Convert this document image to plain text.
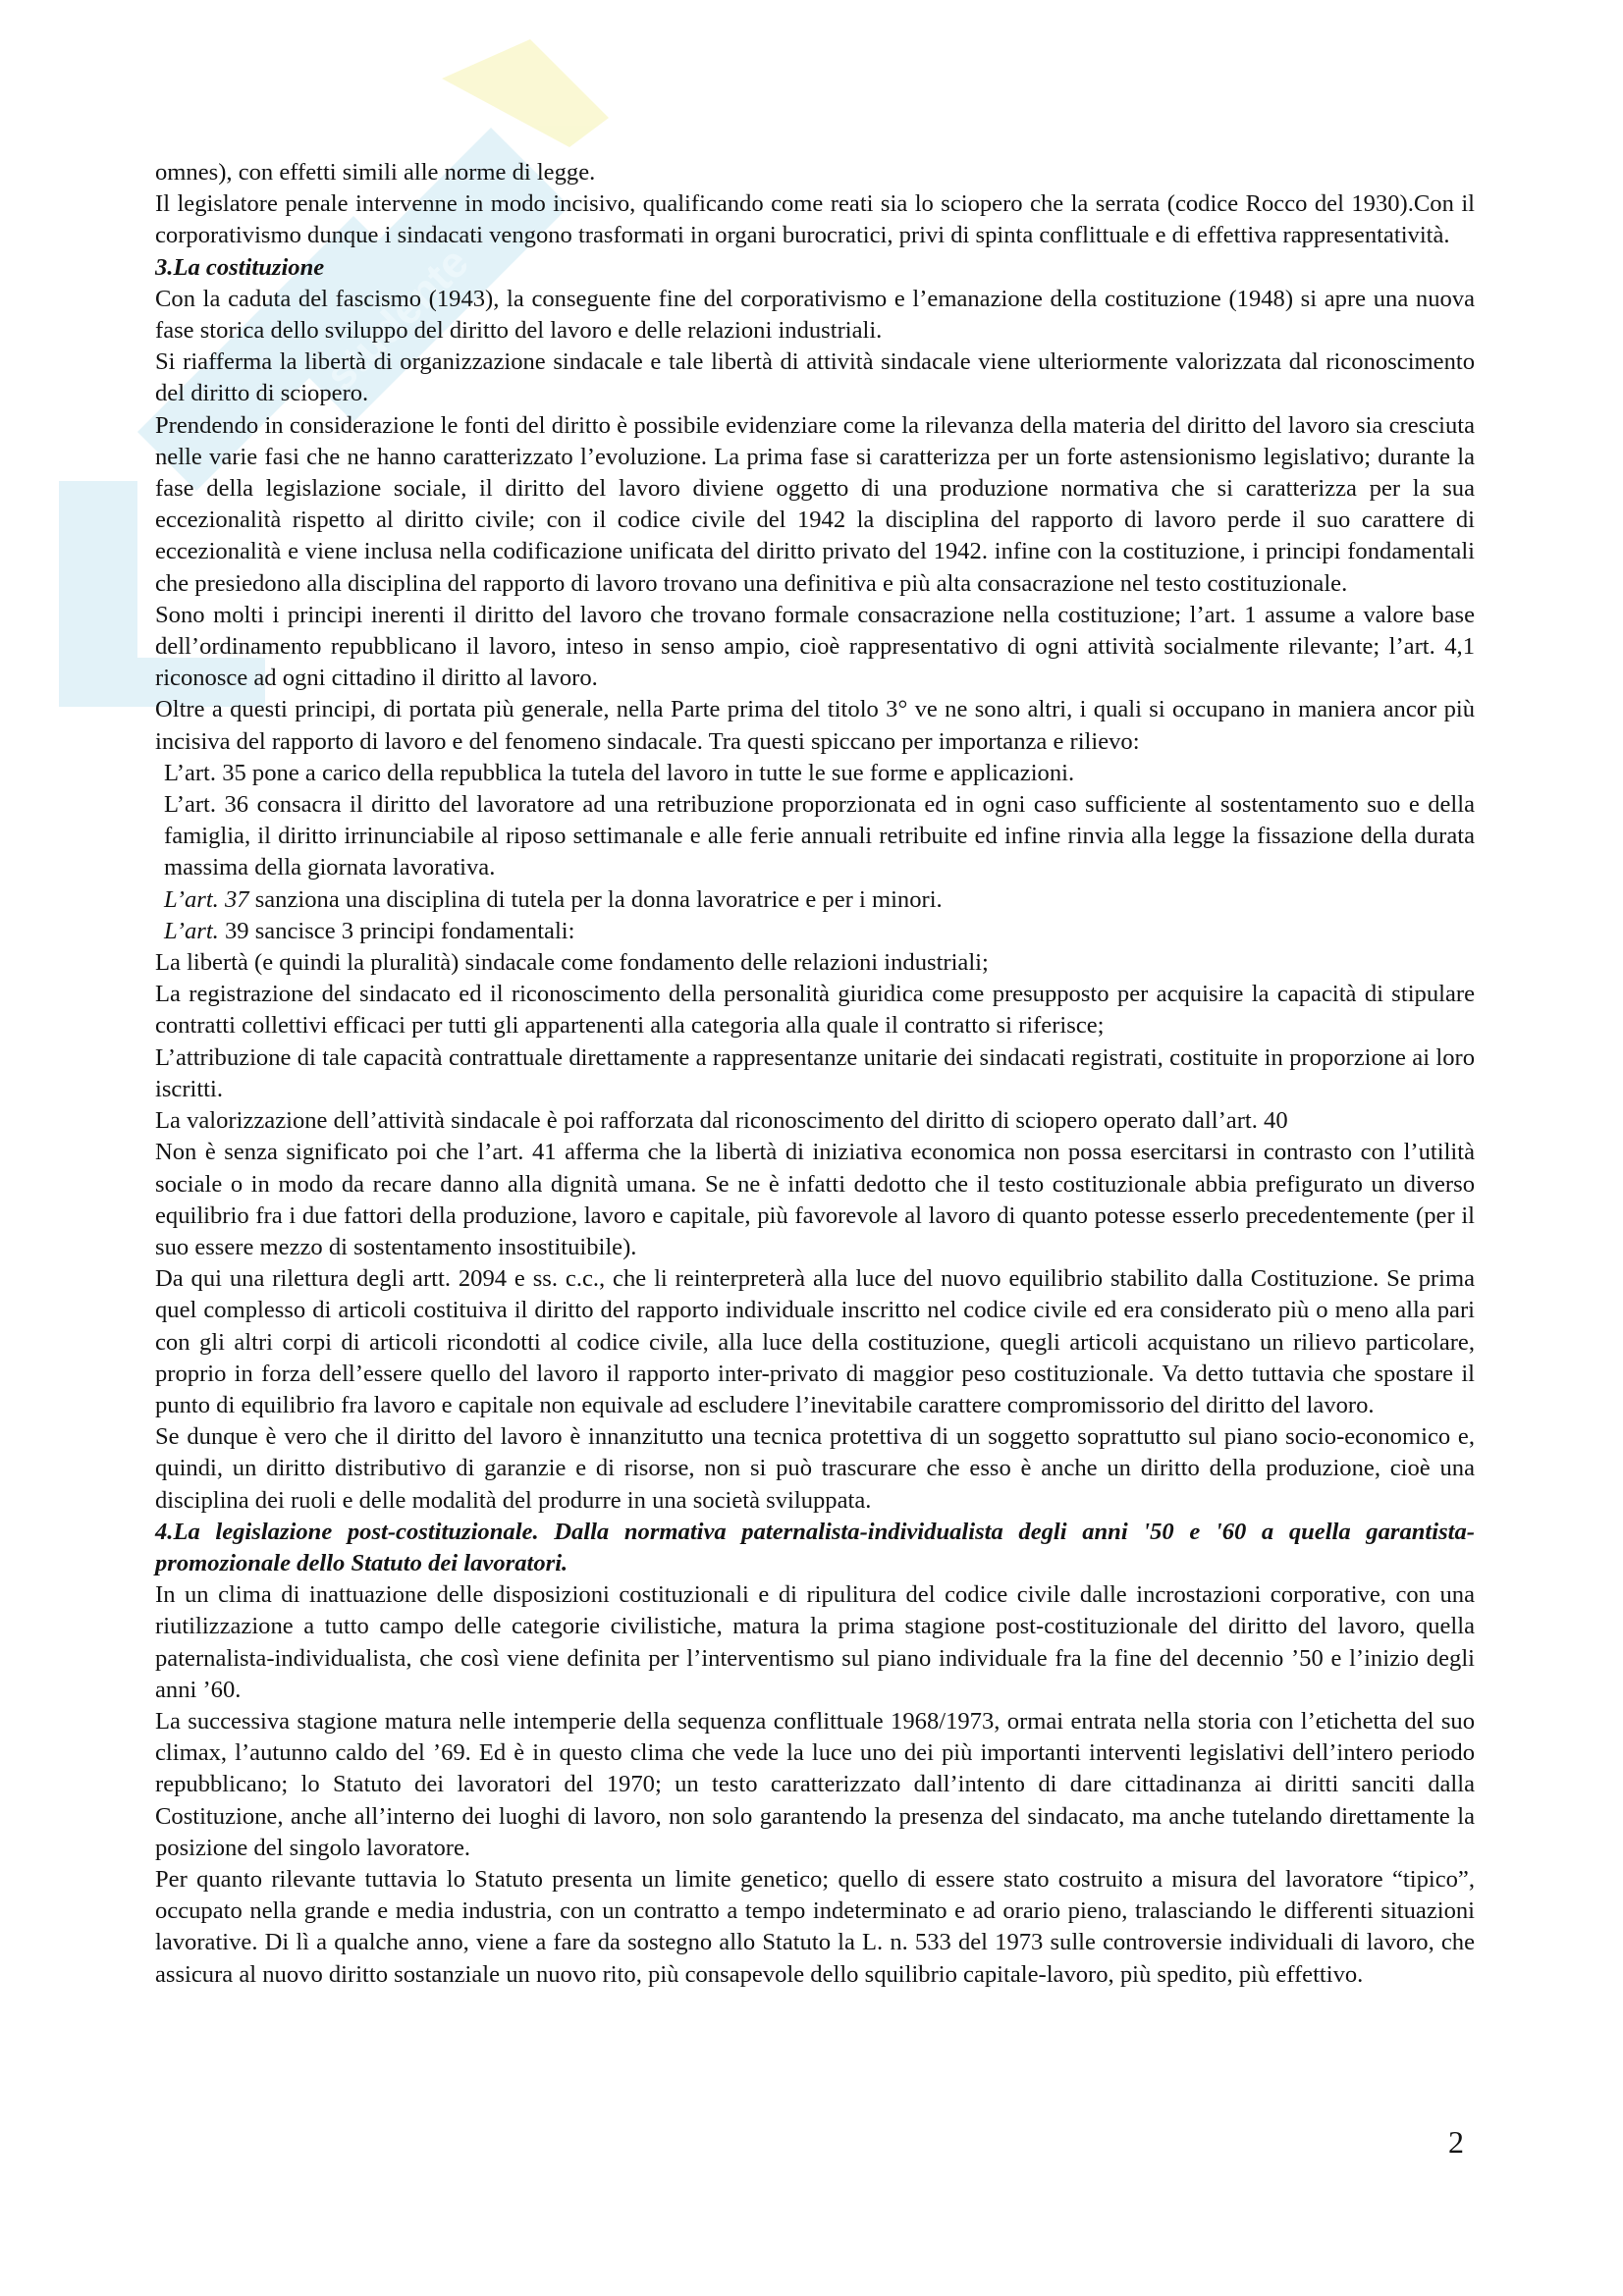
studente

omnes), con effetti simili alle norme di legge.

Il legislatore penale intervenne in modo incisivo, qualificando come reati sia lo sciopero che la serrata (codice Rocco del 1930).Con il corporativismo dunque i sindacati vengono trasformati in organi burocratici, privi di spinta conflittuale e di effettiva rappresentatività.

3.La costituzione

Con la caduta del fascismo (1943), la conseguente fine del corporativismo e l’emanazione della costituzione (1948) si apre una nuova fase storica dello sviluppo del diritto del lavoro e delle relazioni industriali.

Si riafferma la libertà di organizzazione sindacale e tale libertà di attività sindacale viene ulteriormente valorizzata dal riconoscimento del diritto di sciopero.

Prendendo in considerazione le fonti del diritto è possibile evidenziare come la rilevanza della materia del diritto del lavoro sia cresciuta nelle varie fasi che ne hanno caratterizzato l’evoluzione. La prima fase si caratterizza per un forte astensionismo legislativo; durante la fase della legislazione sociale, il diritto del lavoro diviene oggetto di una produzione normativa che si caratterizza per la sua eccezionalità rispetto al diritto civile; con il codice civile del 1942 la disciplina del rapporto di lavoro perde il suo carattere di eccezionalità e viene inclusa nella codificazione unificata del diritto privato del 1942. infine con la costituzione, i principi fondamentali che presiedono alla disciplina del rapporto di lavoro trovano una definitiva e più alta consacrazione nel testo costituzionale.

Sono molti i principi inerenti il diritto del lavoro che trovano formale consacrazione nella costituzione; l’art. 1 assume a valore base dell’ordinamento repubblicano il lavoro, inteso in senso ampio, cioè rappresentativo di ogni attività socialmente rilevante; l’art. 4,1 riconosce ad ogni cittadino il diritto al lavoro.

Oltre a questi principi, di portata più generale, nella Parte prima del titolo 3° ve ne sono altri, i quali si occupano in maniera ancor più incisiva del rapporto di lavoro e del fenomeno sindacale. Tra questi spiccano per importanza e rilievo:

L’art. 35 pone a carico della repubblica la tutela del lavoro in tutte le sue forme e applicazioni.

L’art. 36 consacra il diritto del lavoratore ad una retribuzione proporzionata ed in ogni caso sufficiente al sostentamento suo e della famiglia, il diritto irrinunciabile al riposo settimanale e alle ferie annuali retribuite ed infine rinvia alla legge la fissazione della durata massima della giornata lavorativa.

L’art. 37 sanziona una disciplina di tutela per la donna lavoratrice e per i minori.

L’art. 39 sancisce 3 principi fondamentali:

La libertà (e quindi la pluralità) sindacale come fondamento delle relazioni industriali;

La registrazione del sindacato ed il riconoscimento della personalità giuridica come presupposto per acquisire la capacità di stipulare contratti collettivi efficaci per tutti gli appartenenti alla categoria alla quale il contratto si riferisce;

L’attribuzione di tale capacità contrattuale direttamente a rappresentanze unitarie dei sindacati registrati, costituite in proporzione ai loro iscritti.

La valorizzazione dell’attività sindacale è poi rafforzata dal riconoscimento del diritto di sciopero operato dall’art. 40

Non è senza significato poi che l’art. 41 afferma che la libertà di iniziativa economica non possa esercitarsi in contrasto con l’utilità sociale o in modo da recare danno alla dignità umana. Se ne è infatti dedotto che il testo costituzionale abbia prefigurato un diverso equilibrio fra i due fattori della produzione, lavoro e capitale, più favorevole al lavoro di quanto potesse esserlo precedentemente (per il suo essere mezzo di sostentamento insostituibile).

Da qui una rilettura degli artt. 2094 e ss. c.c., che li reinterpreterà alla luce del nuovo equilibrio stabilito dalla Costituzione. Se prima quel complesso di articoli costituiva il diritto del rapporto individuale inscritto nel codice civile ed era considerato più o meno alla pari con gli altri corpi di articoli ricondotti al codice civile, alla luce della costituzione, quegli articoli acquistano un rilievo particolare, proprio in forza dell’essere quello del lavoro il rapporto inter-privato di maggior peso costituzionale. Va detto tuttavia che spostare il punto di equilibrio fra lavoro e capitale non equivale ad escludere l’inevitabile carattere compromissorio del diritto del lavoro.

Se dunque è vero che il diritto del lavoro è innanzitutto una tecnica protettiva di un soggetto soprattutto sul piano socio-economico e, quindi, un diritto distributivo di garanzie e di risorse, non si può trascurare che esso è anche un diritto della produzione, cioè una disciplina dei ruoli e delle modalità del produrre in una società sviluppata.

4.La legislazione post-costituzionale. Dalla normativa paternalista-individualista degli anni '50 e '60 a quella garantista-promozionale dello Statuto dei lavoratori.

In un clima di inattuazione delle disposizioni costituzionali e di ripulitura del codice civile dalle incrostazioni corporative, con una riutilizzazione a tutto campo delle categorie civilistiche, matura la prima stagione post-costituzionale del diritto del lavoro, quella paternalista-individualista, che così viene definita per l’interventismo sul piano individuale fra la fine del decennio ’50 e l’inizio degli anni ’60.

La successiva stagione matura nelle intemperie della sequenza conflittuale 1968/1973, ormai entrata nella storia con l’etichetta del suo climax, l’autunno caldo del ’69. Ed è in questo clima che vede la luce uno dei più importanti interventi legislativi dell’intero periodo repubblicano; lo Statuto dei lavoratori del 1970; un testo caratterizzato dall’intento di dare cittadinanza ai diritti sanciti dalla Costituzione, anche all’interno dei luoghi di lavoro, non solo garantendo la presenza del sindacato, ma anche tutelando direttamente la posizione del singolo lavoratore.

Per quanto rilevante tuttavia lo Statuto presenta un limite genetico; quello di essere stato costruito a misura del lavoratore “tipico”, occupato nella grande e media industria, con un contratto a tempo indeterminato e ad orario pieno, tralasciando le differenti situazioni lavorative. Di lì a qualche anno, viene a fare da sostegno allo Statuto la L. n. 533 del 1973 sulle controversie individuali di lavoro, che assicura al nuovo diritto sostanziale un nuovo rito, più consapevole dello squilibrio capitale-lavoro, più spedito, più effettivo.

2
